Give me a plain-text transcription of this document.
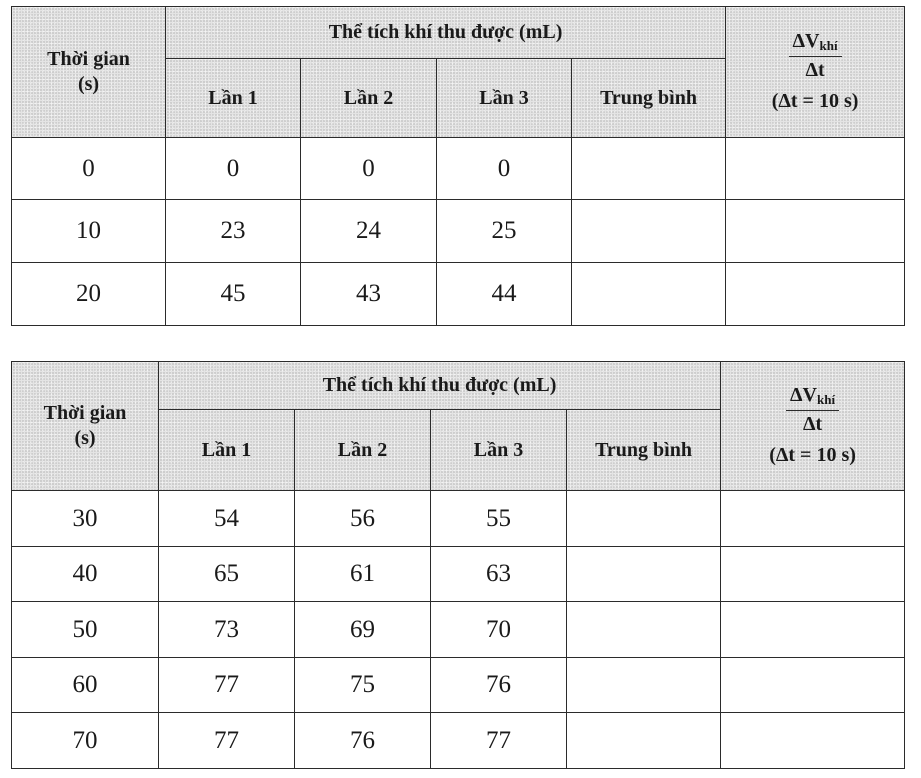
Thời gian
(s)	Thể tích khí thu được (mL)				$\frac{\Delta V_{khí}}{\Delta t}$
(Δt = 10 s)

	Lần 1	Lần 2	Lần 3	Trung bình	
0	0	0	0		
10	23	24	25		
20	45	43	44		
Thời gian
(s)	Thể tích khí thu được (mL)				$\frac{\Delta V_{khí}}{\Delta t}$
(Δt = 10 s)

	Lần 1	Lần 2	Lần 3	Trung bình	
30	54	56	55		
40	65	61	63		
50	73	69	70		
60	77	75	76		
70	77	76	77		
